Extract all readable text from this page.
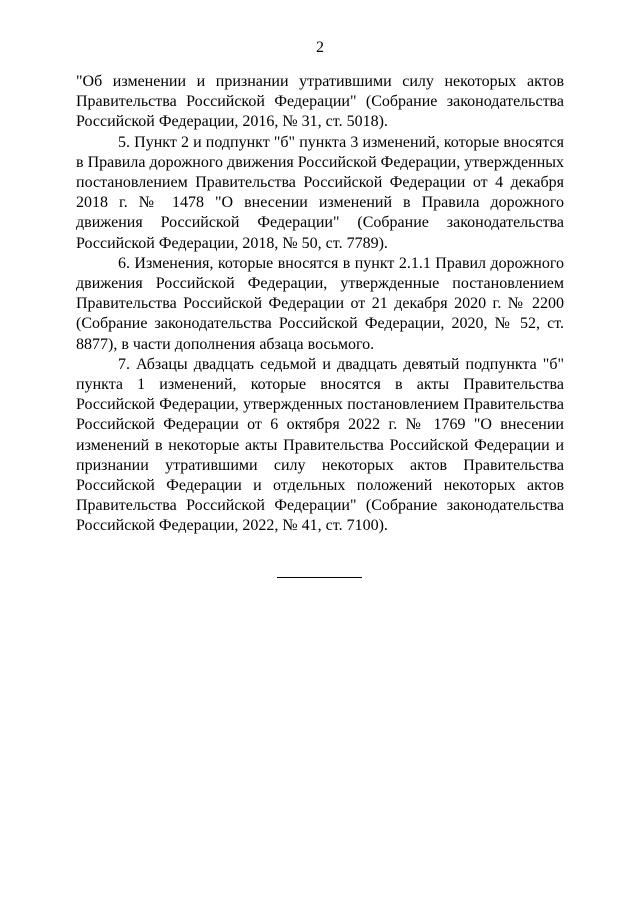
2

"Об изменении и признании утратившими силу некоторых актов Правительства Российской Федерации" (Собрание законодательства Российской Федерации, 2016, № 31, ст. 5018).

5. Пункт 2 и подпункт "б" пункта 3 изменений, которые вносятся в Правила дорожного движения Российской Федерации, утвержденных постановлением Правительства Российской Федерации от 4 декабря 2018 г. № 1478 "О внесении изменений в Правила дорожного движения Российской Федерации" (Собрание законодательства Российской Федерации, 2018, № 50, ст. 7789).

6. Изменения, которые вносятся в пункт 2.1.1 Правил дорожного движения Российской Федерации, утвержденные постановлением Правительства Российской Федерации от 21 декабря 2020 г. № 2200 (Собрание законодательства Российской Федерации, 2020, № 52, ст. 8877), в части дополнения абзаца восьмого.

7. Абзацы двадцать седьмой и двадцать девятый подпункта "б" пункта 1 изменений, которые вносятся в акты Правительства Российской Федерации, утвержденных постановлением Правительства Российской Федерации от 6 октября 2022 г. № 1769 "О внесении изменений в некоторые акты Правительства Российской Федерации и признании утратившими силу некоторых актов Правительства Российской Федерации и отдельных положений некоторых актов Правительства Российской Федерации" (Собрание законодательства Российской Федерации, 2022, № 41, ст. 7100).
